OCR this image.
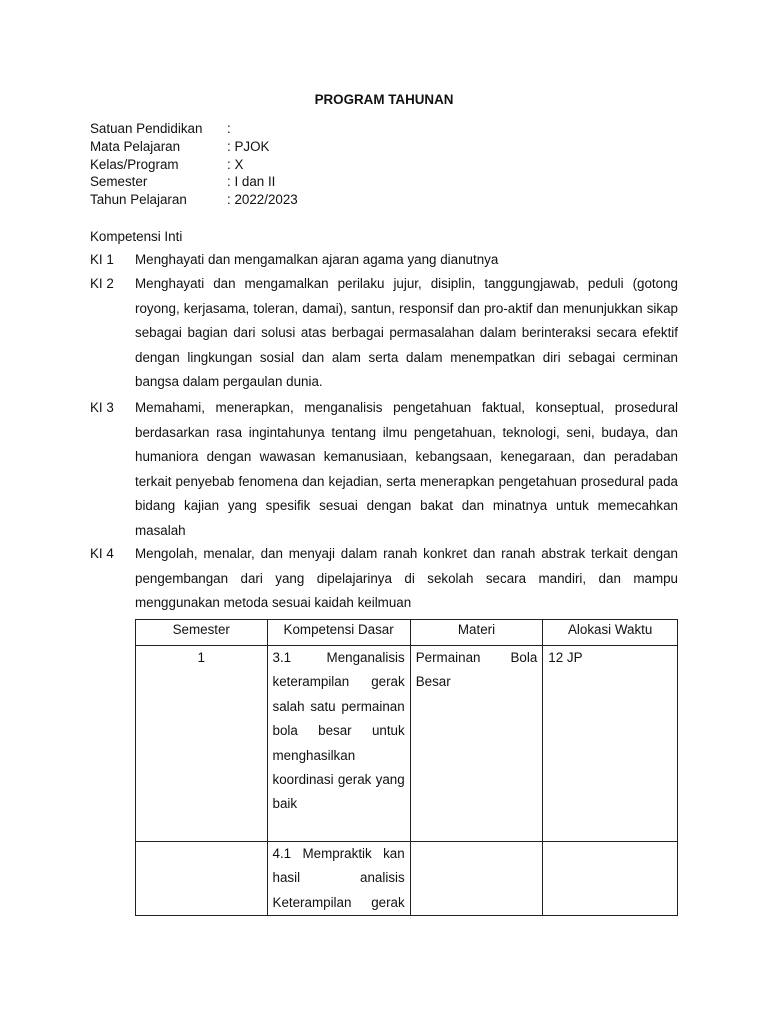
PROGRAM TAHUNAN
Satuan Pendidikan	:
Mata Pelajaran	: PJOK
Kelas/Program	: X
Semester	: I dan II
Tahun Pelajaran	: 2022/2023
Kompetensi Inti
KI 1	Menghayati dan mengamalkan ajaran agama yang dianutnya
KI 2	Menghayati dan mengamalkan perilaku jujur, disiplin, tanggungjawab, peduli (gotong royong, kerjasama, toleran, damai), santun, responsif dan pro-aktif dan menunjukkan sikap sebagai bagian dari solusi atas berbagai permasalahan dalam berinteraksi secara efektif dengan lingkungan sosial dan alam serta dalam menempatkan diri sebagai cerminan bangsa dalam pergaulan dunia.
KI 3	Memahami, menerapkan, menganalisis pengetahuan faktual, konseptual, prosedural berdasarkan rasa ingintahunya tentang ilmu pengetahuan, teknologi, seni, budaya, dan humaniora dengan wawasan kemanusiaan, kebangsaan, kenegaraan, dan peradaban terkait penyebab fenomena dan kejadian, serta menerapkan pengetahuan prosedural pada bidang kajian yang spesifik sesuai dengan bakat dan minatnya untuk memecahkan masalah
KI 4	Mengolah, menalar, dan menyaji dalam ranah konkret dan ranah abstrak terkait dengan pengembangan dari yang dipelajarinya di sekolah secara mandiri, dan mampu menggunakan metoda sesuai kaidah keilmuan
Semester	Kompetensi Dasar	Materi	Alokasi Waktu
1	3.1 Menganalisis keterampilan gerak salah satu permainan bola besar untuk menghasilkan koordinasi gerak yang baik	Permainan Bola Besar	12 JP
	4.1 Mempraktik kan hasil analisis Keterampilan gerak		
